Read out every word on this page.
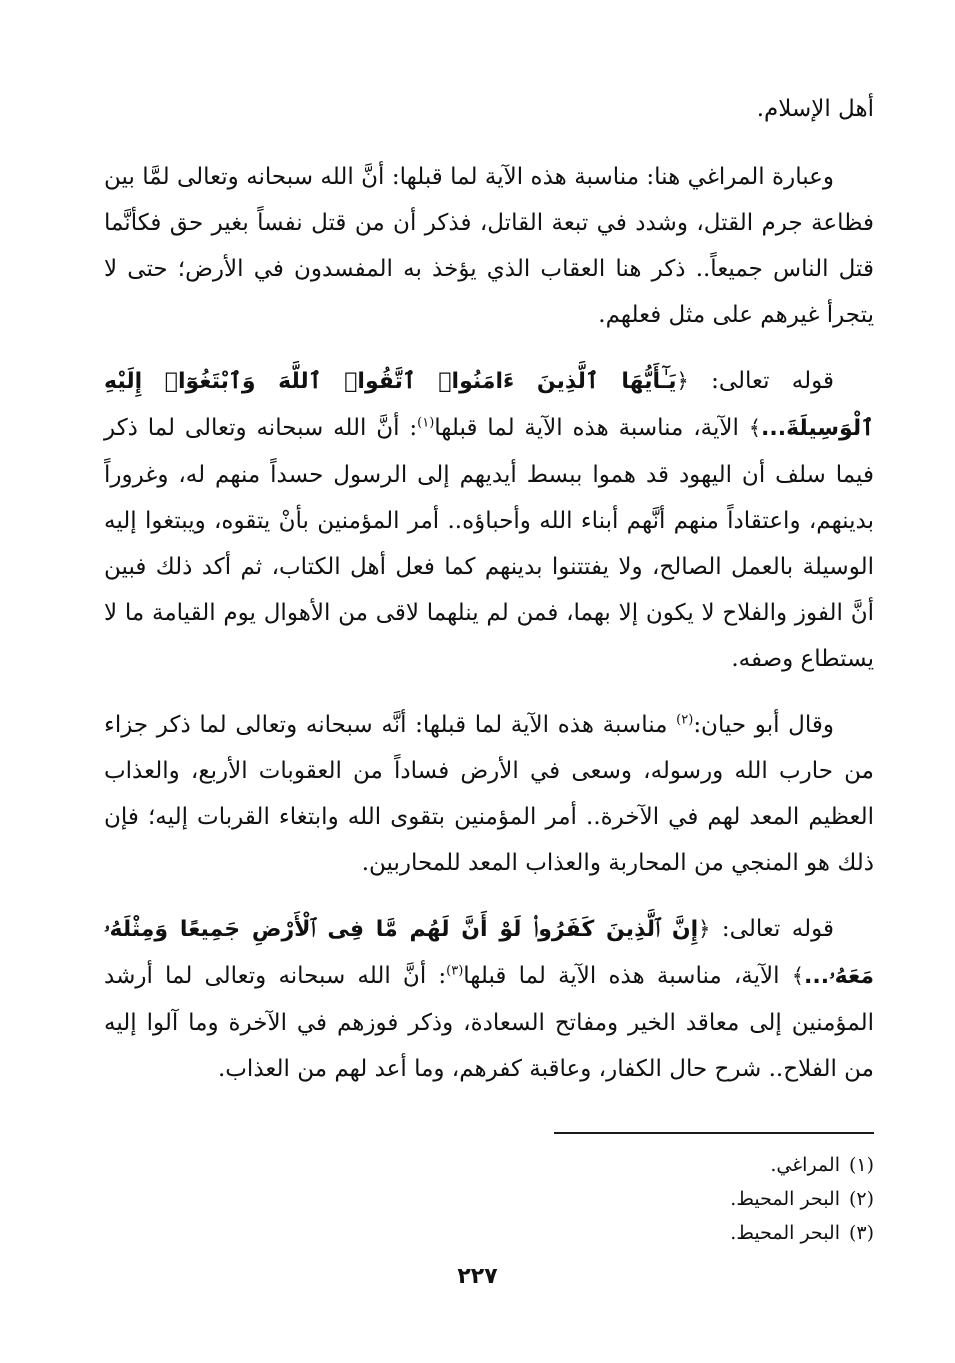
أهل الإسلام.

وعبارة المراغي هنا: مناسبة هذه الآية لما قبلها: أنَّ الله سبحانه وتعالى لمَّا بين فظاعة جرم القتل، وشدد في تبعة القاتل، فذكر أن من قتل نفساً بغير حق فكأنَّما قتل الناس جميعاً.. ذكر هنا العقاب الذي يؤخذ به المفسدون في الأرض؛ حتى لا يتجرأ غيرهم على مثل فعلهم.

قوله تعالى: ﴿يَـٰٓأَيُّهَا ٱلَّذِينَ ءَامَنُوا۟ ٱتَّقُوا۟ ٱللَّهَ وَٱبْتَغُوٓا۟ إِلَيْهِ ٱلْوَسِيلَةَ...﴾ الآية، مناسبة هذه الآية لما قبلها$^{(١)}$: أنَّ الله سبحانه وتعالى لما ذكر فيما سلف أن اليهود قد هموا ببسط أيديهم إلى الرسول حسداً منهم له، وغروراً بدينهم، واعتقاداً منهم أنَّهم أبناء الله وأحباؤه.. أمر المؤمنين بأنْ يتقوه، ويبتغوا إليه الوسيلة بالعمل الصالح، ولا يفتتنوا بدينهم كما فعل أهل الكتاب، ثم أكد ذلك فبين أنَّ الفوز والفلاح لا يكون إلا بهما، فمن لم ينلهما لاقى من الأهوال يوم القيامة ما لا يستطاع وصفه.

وقال أبو حيان:$^{(٢)}$ مناسبة هذه الآية لما قبلها: أنَّه سبحانه وتعالى لما ذكر جزاء من حارب الله ورسوله، وسعى في الأرض فساداً من العقوبات الأربع، والعذاب العظيم المعد لهم في الآخرة.. أمر المؤمنين بتقوى الله وابتغاء القربات إليه؛ فإن ذلك هو المنجي من المحاربة والعذاب المعد للمحاربين.

قوله تعالى: ﴿إِنَّ ٱلَّذِينَ كَفَرُوا۟ لَوْ أَنَّ لَهُم مَّا فِى ٱلْأَرْضِ جَمِيعًا وَمِثْلَهُۥ مَعَهُۥ...﴾ الآية، مناسبة هذه الآية لما قبلها$^{(٣)}$: أنَّ الله سبحانه وتعالى لما أرشد المؤمنين إلى معاقد الخير ومفاتح السعادة، وذكر فوزهم في الآخرة وما آلوا إليه من الفلاح.. شرح حال الكفار، وعاقبة كفرهم، وما أعد لهم من العذاب.

(١)المراغي.
(٢)البحر المحيط.
(٣)البحر المحيط.
٢٢٧
